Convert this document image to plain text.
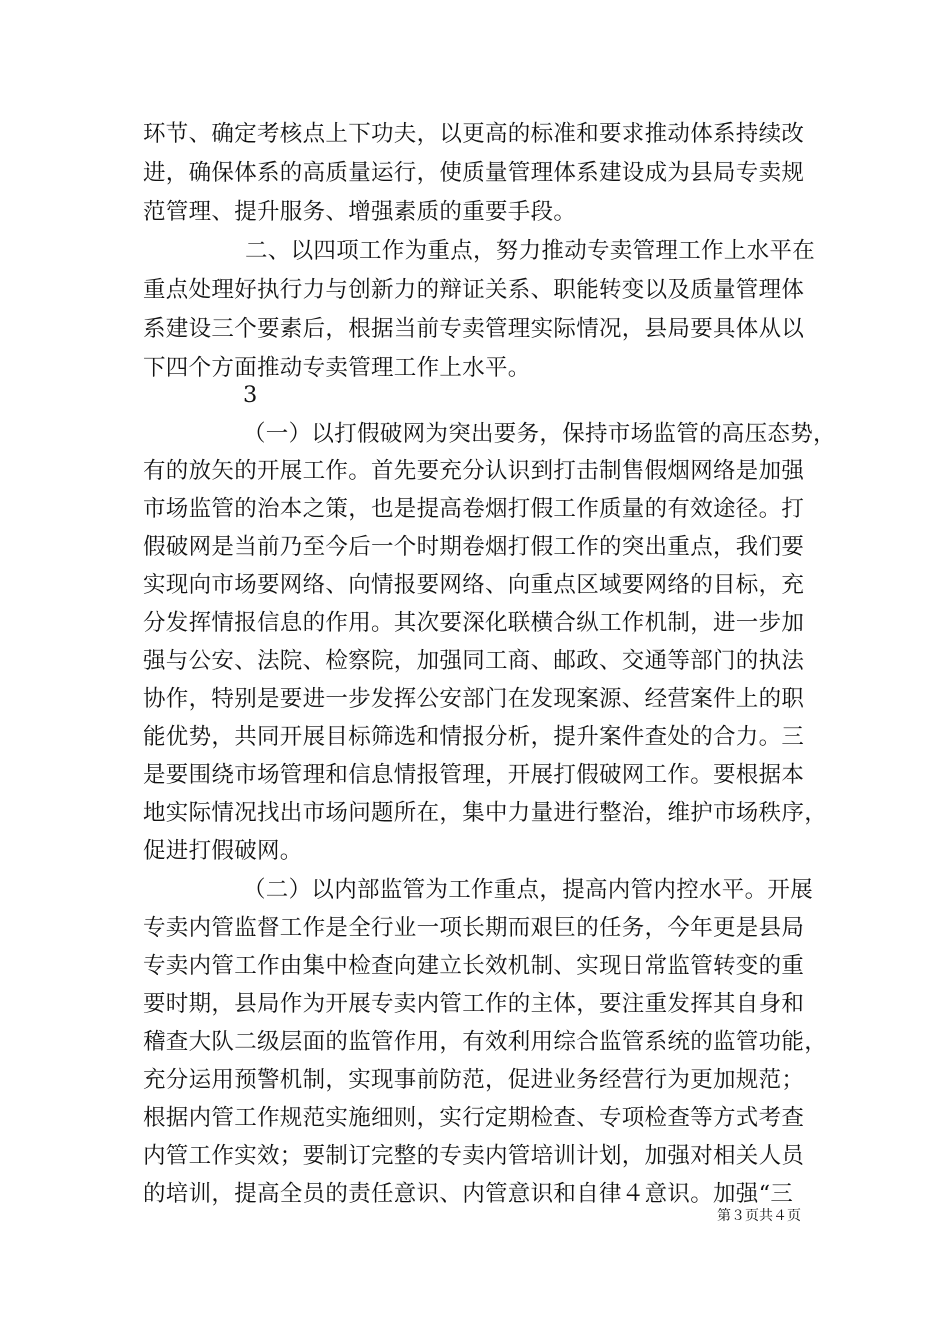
环节、确定考核点上下功夫，以更高的标准和要求推动体系持续改
进，确保体系的高质量运行，使质量管理体系建设成为县局专卖规
范管理、提升服务、增强素质的重要手段。
二、以四项工作为重点，努力推动专卖管理工作上水平在
重点处理好执行力与创新力的辩证关系、职能转变以及质量管理体
系建设三个要素后，根据当前专卖管理实际情况，县局要具体从以
下四个方面推动专卖管理工作上水平。
3
（一）以打假破网为突出要务，保持市场监管的高压态势，
有的放矢的开展工作。首先要充分认识到打击制售假烟网络是加强
市场监管的治本之策，也是提高卷烟打假工作质量的有效途径。打
假破网是当前乃至今后一个时期卷烟打假工作的突出重点，我们要
实现向市场要网络、向情报要网络、向重点区域要网络的目标，充
分发挥情报信息的作用。其次要深化联横合纵工作机制，进一步加
强与公安、法院、检察院，加强同工商、邮政、交通等部门的执法
协作，特别是要进一步发挥公安部门在发现案源、经营案件上的职
能优势，共同开展目标筛选和情报分析，提升案件查处的合力。三
是要围绕市场管理和信息情报管理，开展打假破网工作。要根据本
地实际情况找出市场问题所在，集中力量进行整治，维护市场秩序，
促进打假破网。
（二）以内部监管为工作重点，提高内管内控水平。开展
专卖内管监督工作是全行业一项长期而艰巨的任务，今年更是县局
专卖内管工作由集中检查向建立长效机制、实现日常监管转变的重
要时期，县局作为开展专卖内管工作的主体，要注重发挥其自身和
稽查大队二级层面的监管作用，有效利用综合监管系统的监管功能，
充分运用预警机制，实现事前防范，促进业务经营行为更加规范；
根据内管工作规范实施细则，实行定期检查、专项检查等方式考查
内管工作实效；要制订完整的专卖内管培训计划，加强对相关人员
的培训，提高全员的责任意识、内管意识和自律４意识。加强“三
第３页共４页
